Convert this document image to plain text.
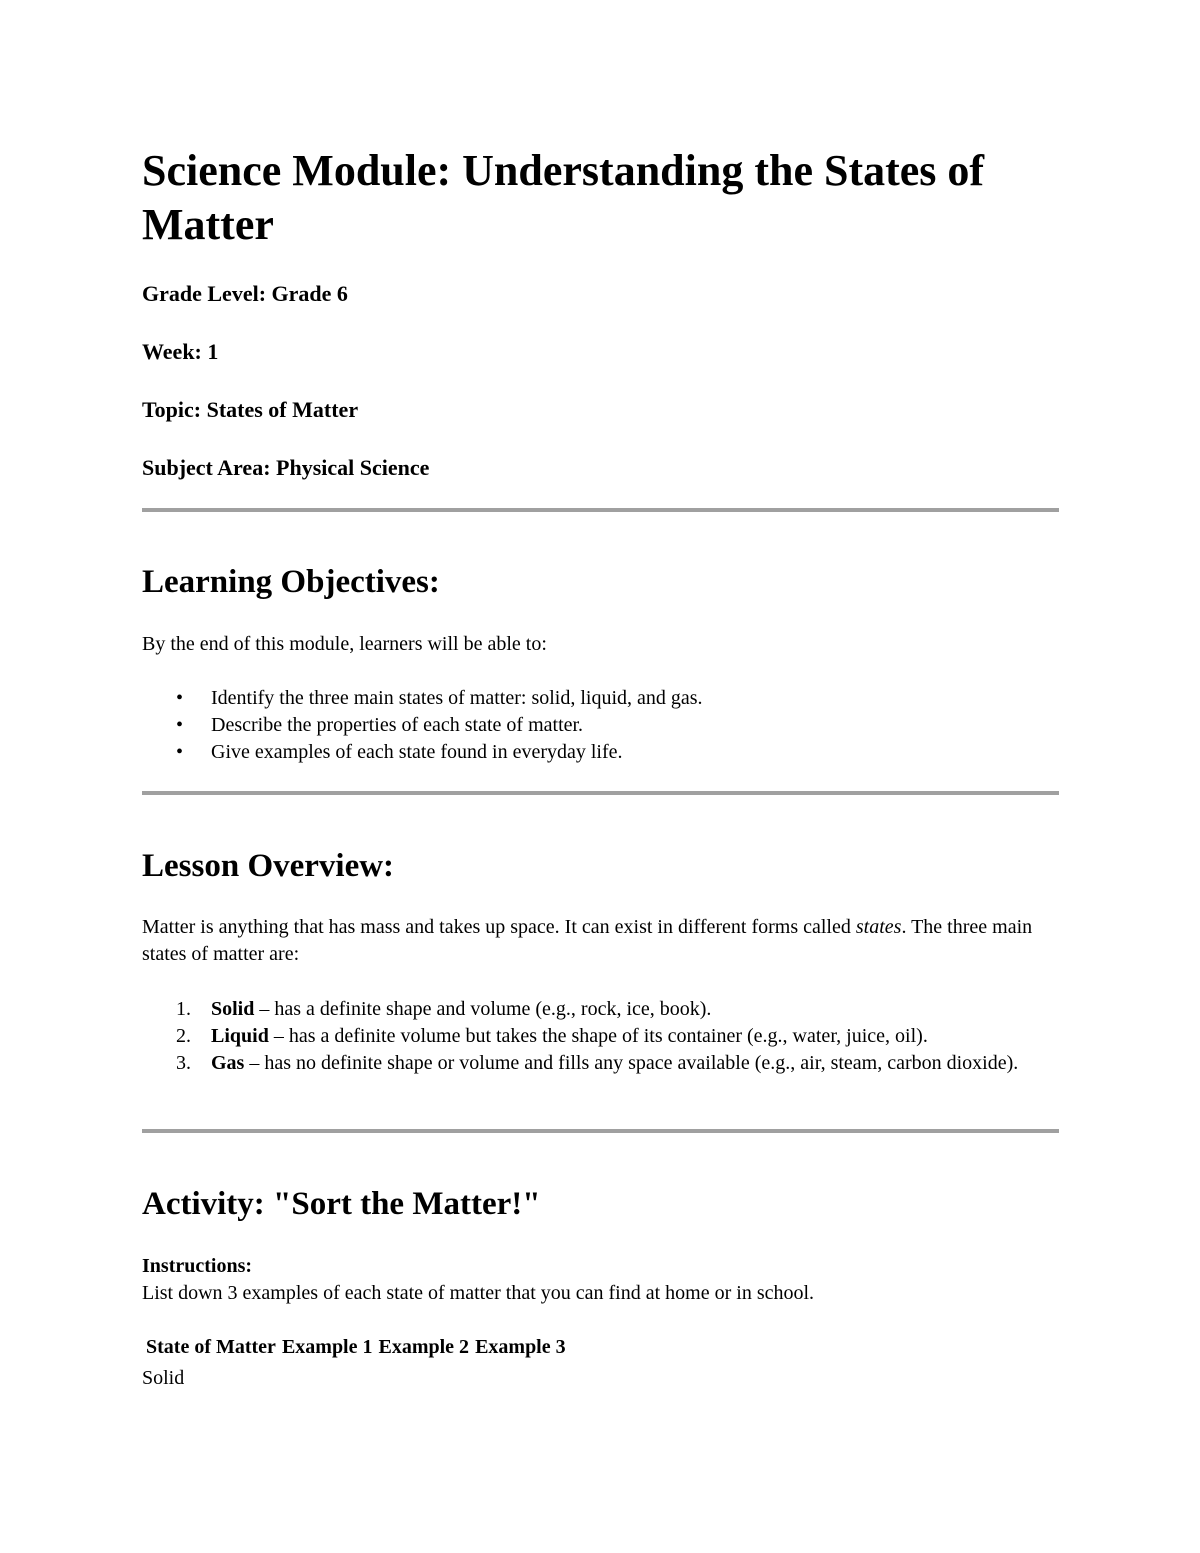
Science Module: Understanding the States of Matter

Grade Level: Grade 6

Week: 1

Topic: States of Matter

Subject Area: Physical Science

Learning Objectives:

By the end of this module, learners will be able to:

• Identify the three main states of matter: solid, liquid, and gas.
• Describe the properties of each state of matter.
• Give examples of each state found in everyday life.
Lesson Overview:

Matter is anything that has mass and takes up space. It can exist in different forms called states. The three main states of matter are:

1. Solid – has a definite shape and volume (e.g., rock, ice, book).
2. Liquid – has a definite volume but takes the shape of its container (e.g., water, juice, oil).
3. Gas – has no definite shape or volume and fills any space available (e.g., air, steam, carbon dioxide).
Activity: "Sort the Matter!"

Instructions:

List down 3 examples of each state of matter that you can find at home or in school.

State of Matter Example 1 Example 2 Example 3

Solid
